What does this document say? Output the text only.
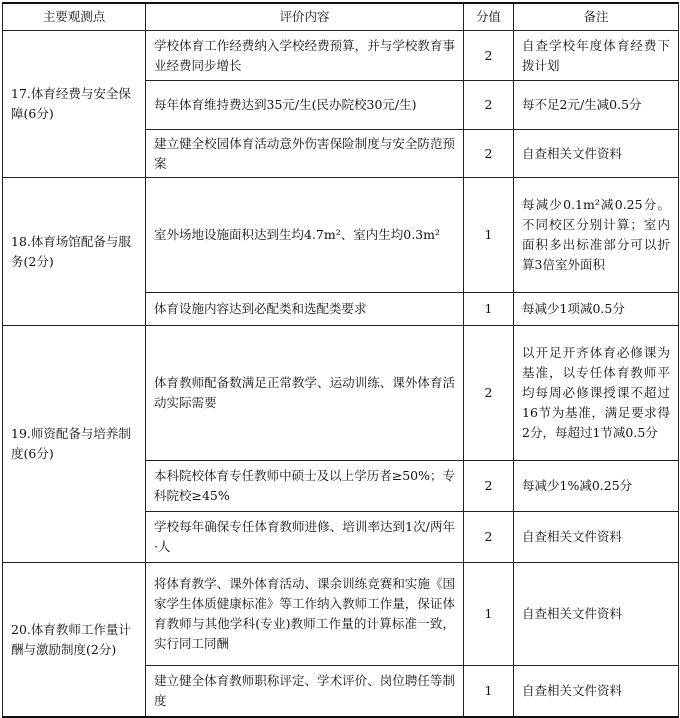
主要观测点	评价内容	分值	备注
17.体育经费与安全保障(6分)	学校体育工作经费纳入学校经费预算，并与学校教育事业经费同步增长	2	自查学校年度体育经费下拨计划
	每年体育维持费达到35元/生(民办院校30元/生)	2	每不足2元/生减0.5分
	建立健全校园体育活动意外伤害保险制度与安全防范预案	2	自查相关文件资料
18.体育场馆配备与服务(2分)	室外场地设施面积达到生均4.7m²、室内生均0.3m²	1	每减少0.1m²减0.25分。不同校区分别计算；室内面积多出标准部分可以折算3倍室外面积
	体育设施内容达到必配类和选配类要求	1	每减少1项减0.5分
19.师资配备与培养制度(6分)	体育教师配备数满足正常教学、运动训练、课外体育活动实际需要	2	以开足开齐体育必修课为基准，以专任体育教师平均每周必修课授课不超过16节为基准，满足要求得2分，每超过1节减0.5分
	本科院校体育专任教师中硕士及以上学历者≥50%；专科院校≥45%	2	每减少1%减0.25分
	学校每年确保专任体育教师进修、培训率达到1次/两年·人	2	自查相关文件资料
20.体育教师工作量计酬与激励制度(2分)	将体育教学、课外体育活动、课余训练竞赛和实施《国家学生体质健康标准》等工作纳入教师工作量，保证体育教师与其他学科(专业)教师工作量的计算标准一致，实行同工同酬	1	自查相关文件资料
	建立健全体育教师职称评定、学术评价、岗位聘任等制度	1	自查相关文件资料
